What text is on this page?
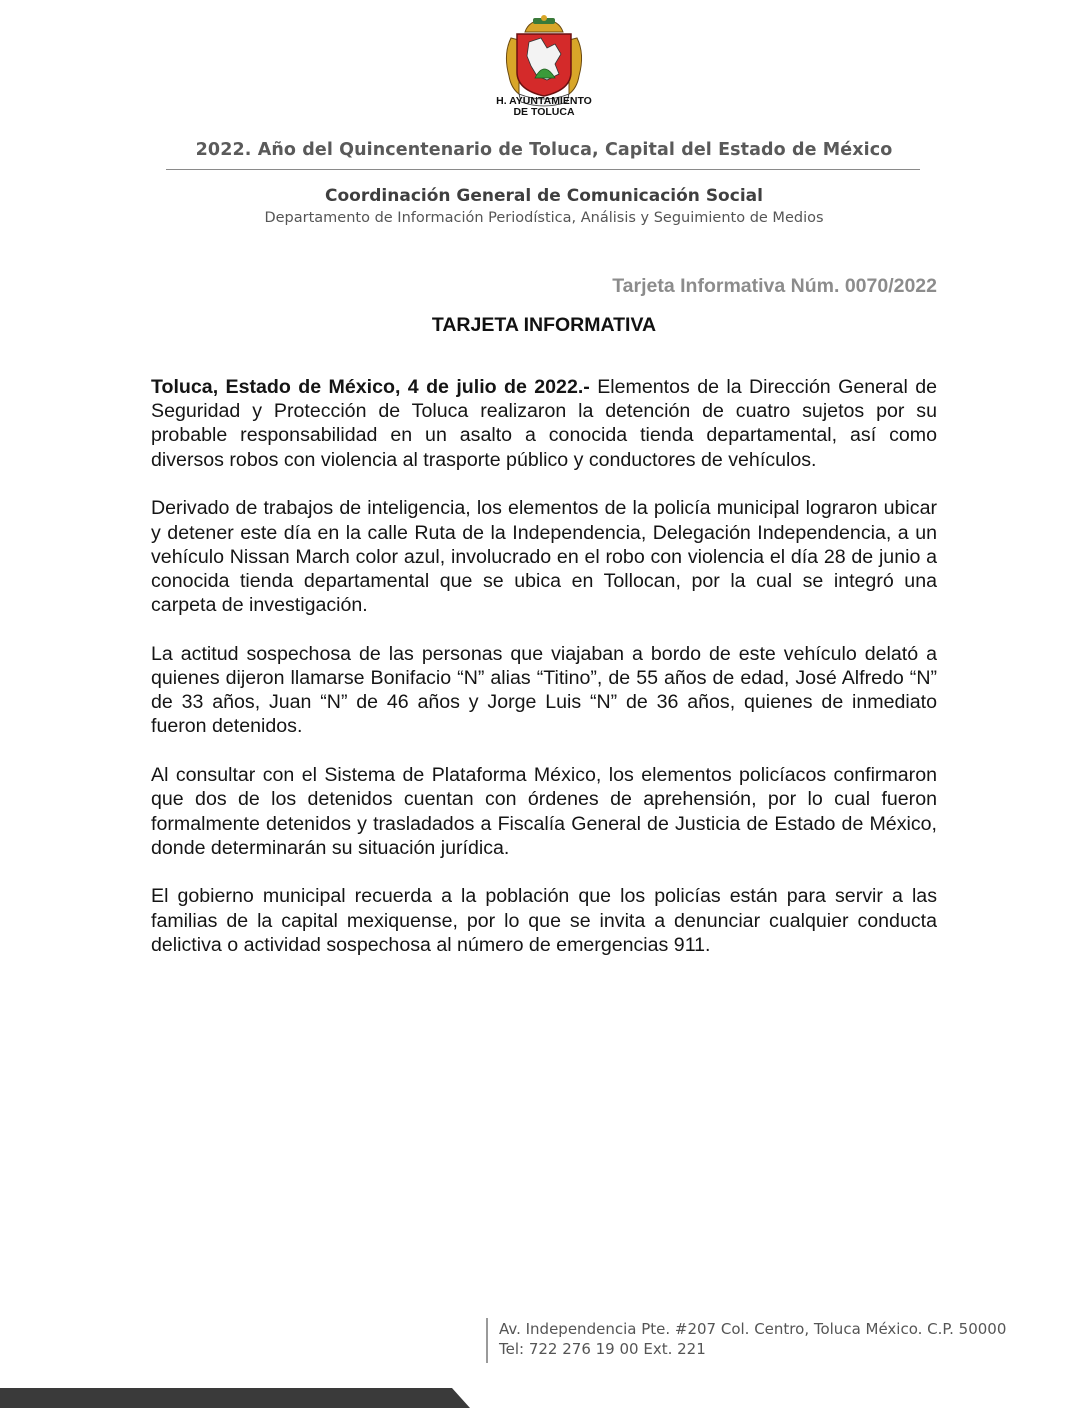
H. AYUNTAMIENTO
DE TOLUCA
2022. Año del Quincentenario de Toluca, Capital del Estado de México
Coordinación General de Comunicación Social
Departamento de Información Periodística, Análisis y Seguimiento de Medios
Tarjeta Informativa Núm. 0070/2022
TARJETA INFORMATIVA

Toluca, Estado de México, 4 de julio de 2022.- Elementos de la Dirección General de Seguridad y Protección de Toluca realizaron la detención de cuatro sujetos por su probable responsabilidad en un asalto a conocida tienda departamental, así como diversos robos con violencia al trasporte público y conductores de vehículos.

Derivado de trabajos de inteligencia, los elementos de la policía municipal lograron ubicar y detener este día en la calle Ruta de la Independencia, Delegación Independencia, a un vehículo Nissan March color azul, involucrado en el robo con violencia el día 28 de junio a conocida tienda departamental que se ubica en Tollocan, por la cual se integró una carpeta de investigación.

La actitud sospechosa de las personas que viajaban a bordo de este vehículo delató a quienes dijeron llamarse Bonifacio “N” alias “Titino”, de 55 años de edad, José Alfredo “N” de 33 años, Juan “N” de 46 años y Jorge Luis “N” de 36 años, quienes de inmediato fueron detenidos.

Al consultar con el Sistema de Plataforma México, los elementos policíacos confirmaron que dos de los detenidos cuentan con órdenes de aprehensión, por lo cual fueron formalmente detenidos y trasladados a Fiscalía General de Justicia de Estado de México, donde determinarán su situación jurídica.

El gobierno municipal recuerda a la población que los policías están para servir a las familias de la capital mexiquense, por lo que se invita a denunciar cualquier conducta delictiva o actividad sospechosa al número de emergencias 911.

Av. Independencia Pte. #207 Col. Centro, Toluca México. C.P. 50000
Tel: 722 276 19 00 Ext. 221
